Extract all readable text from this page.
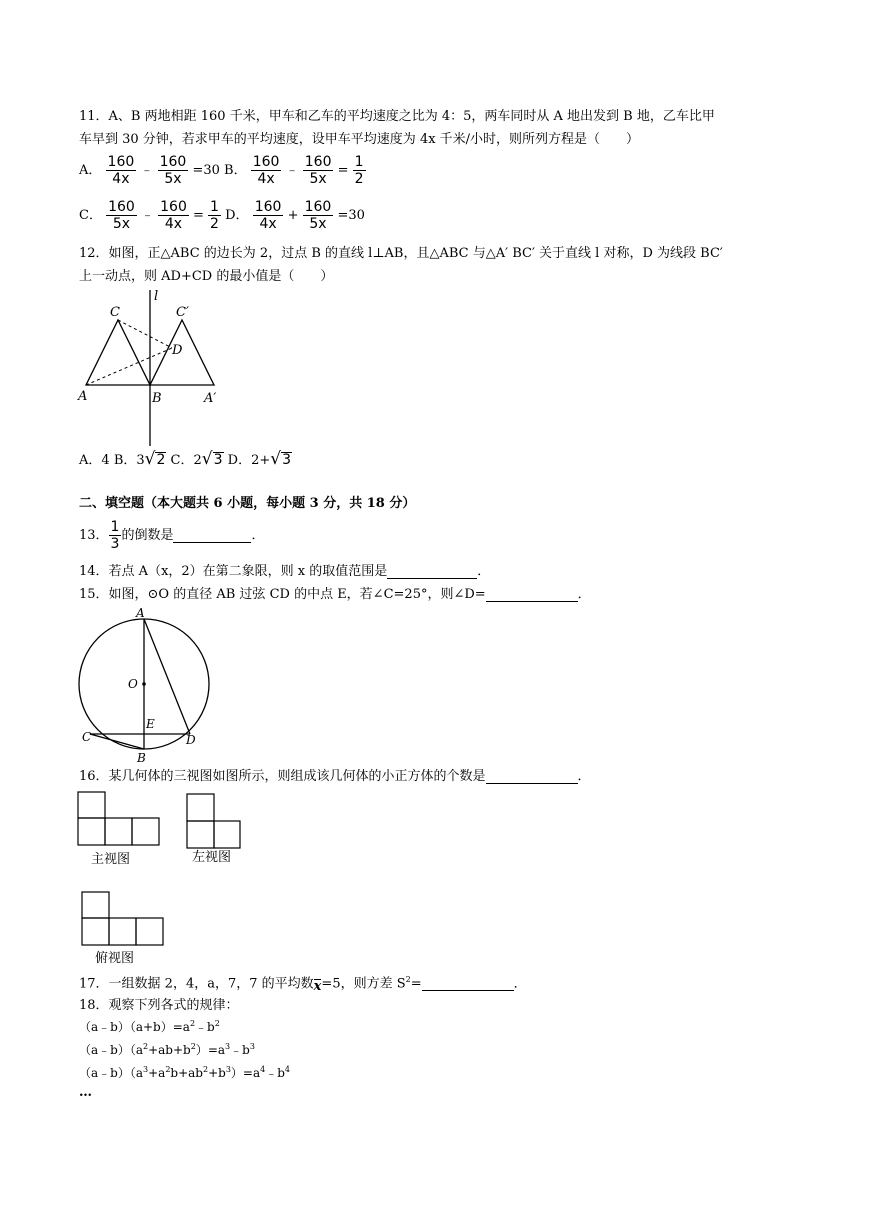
11．A、B 两地相距 160 千米，甲车和乙车的平均速度之比为 4：5，两车同时从 A 地出发到 B 地，乙车比甲
车早到 30 分钟，若求甲车的平均速度，设甲车平均速度为 4x 千米/小时，则所列方程是（　　）
A． $\frac{160}{4x}$ ﹣ $\frac{160}{5x} =30$ B． $\frac{160}{4x}$ ﹣ $\frac{160}{5x} = \frac{1}{2}$
C． $\frac{160}{5x}$ ﹣ $\frac{160}{4x} = \frac{1}{2}$ D． $\frac{160}{4x} + \frac{160}{5x} =30$
12．如图，正△ABC 的边长为 2，过点 B 的直线 l⊥AB，且△ABC 与△A′ BC′ 关于直线 l 对称，D 为线段 BC′
上一动点，则 AD+CD 的最小值是（　　）
l
C	C′
D
A	B	A′
A．4 B．3√2 C．2√3 D．2+√3
二、填空题（本大题共 6 小题，每小题 3 分，共 18 分）
13． $\frac{1}{3}$ 的倒数是	．
14．若点 A（x，2）在第二象限，则 x 的取值范围是	．
15．如图，⊙O 的直径 AB 过弦 CD 的中点 E，若∠C=25°，则∠D=	．
A
O
E
C	D
B
16．某几何体的三视图如图所示，则组成该几何体的小正方体的个数是	．
主视图	左视图
俯视图
17．一组数据 2，4，a，7，7 的平均数x=5，则方差 $S^2=$	．
18．观察下列各式的规律：
$(a﹣b)(a+b)=a^2﹣b^2$
$(a﹣b)(a^2+ab+b^2)=a^3﹣b^3$
$(a﹣b)(a^3+a^2b+ab^2+b^3)=a^4﹣b^4$
…
